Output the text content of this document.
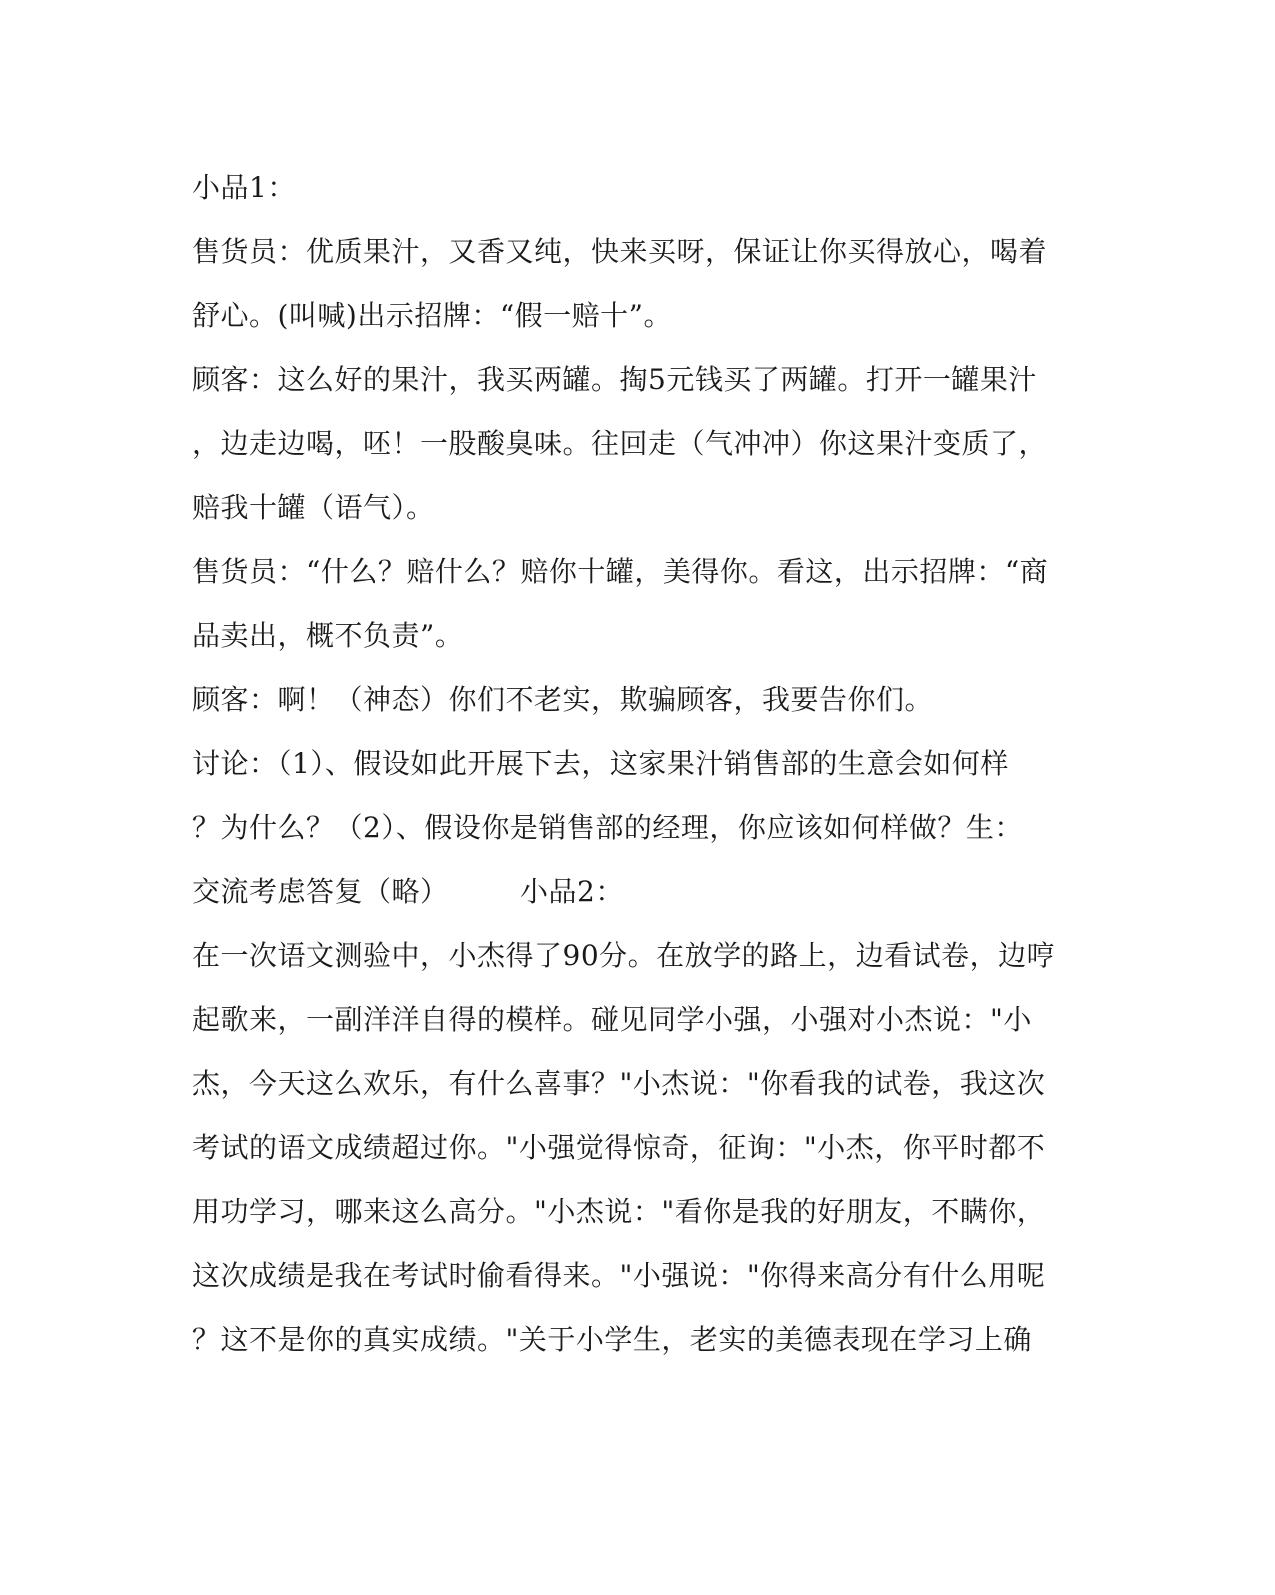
小品1：
售货员：优质果汁，又香又纯，快来买呀，保证让你买得放心，喝着
舒心。(叫喊)出示招牌：“假一赔十”。
顾客：这么好的果汁，我买两罐。掏5元钱买了两罐。打开一罐果汁
，边走边喝，呸！一股酸臭味。往回走（气冲冲）你这果汁变质了，
赔我十罐（语气）。
售货员：“什么？赔什么？赔你十罐，美得你。看这，出示招牌：“商
品卖出，概不负责”。
顾客：啊！（神态）你们不老实，欺骗顾客，我要告你们。
讨论：（1）、假设如此开展下去，这家果汁销售部的生意会如何样
？为什么？（2）、假设你是销售部的经理，你应该如何样做？生：
交流考虑答复（略）　　　小品2：
在一次语文测验中，小杰得了90分。在放学的路上，边看试卷，边哼
起歌来，一副洋洋自得的模样。碰见同学小强，小强对小杰说："小
杰，今天这么欢乐，有什么喜事？"小杰说："你看我的试卷，我这次
考试的语文成绩超过你。"小强觉得惊奇，征询："小杰，你平时都不
用功学习，哪来这么高分。"小杰说："看你是我的好朋友，不瞒你，
这次成绩是我在考试时偷看得来。"小强说："你得来高分有什么用呢
？这不是你的真实成绩。"关于小学生，老实的美德表现在学习上确
